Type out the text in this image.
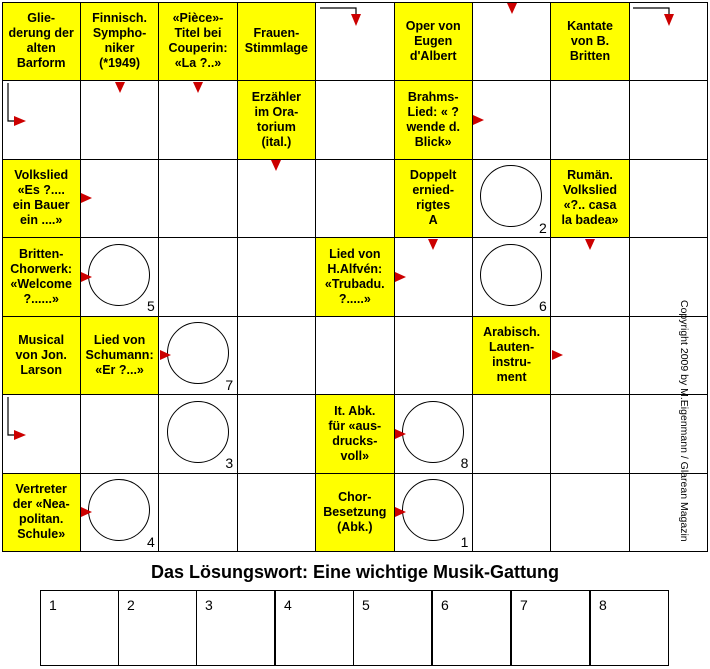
Glie-
derung der
alten
Barform
Finnisch.
Sympho-
niker
(*1949)
«Pièce»-
Titel bei
Couperin:
«La ?..»
Frauen-
Stimmlage
Oper von
Eugen
d'Albert
Kantate
von B.
Britten
Erzähler
im Ora-
torium
(ital.)
Brahms-
Lied: « ?
wende d.
Blick»
Volkslied
«Es ?....
ein Bauer
ein ....»
Doppelt
ernied-
rigtes
A	2
Rumän.
Volkslied
«?.. casa
la badea»
Britten-
Chorwerk:
«Welcome
?......»	5
Lied von
H.Alfvén:
«Trubadu.
?.....»	6
Musical
von Jon.
Larson
Lied von
Schumann:
«Er ?...»
7
Arabisch.
Lauten-
instru-
ment
3
It. Abk.
für «aus-
drucks-
voll»	8
Vertreter
der «Nea-
politan.
Schule»	4
Chor-
Besetzung
(Abk.)
1	Copyright 2009 by M.Eigenmann / Glarean Magazin
Das Lösungswort: Eine wichtige Musik-Gattung
1	2	3	4	5	6	7	8
